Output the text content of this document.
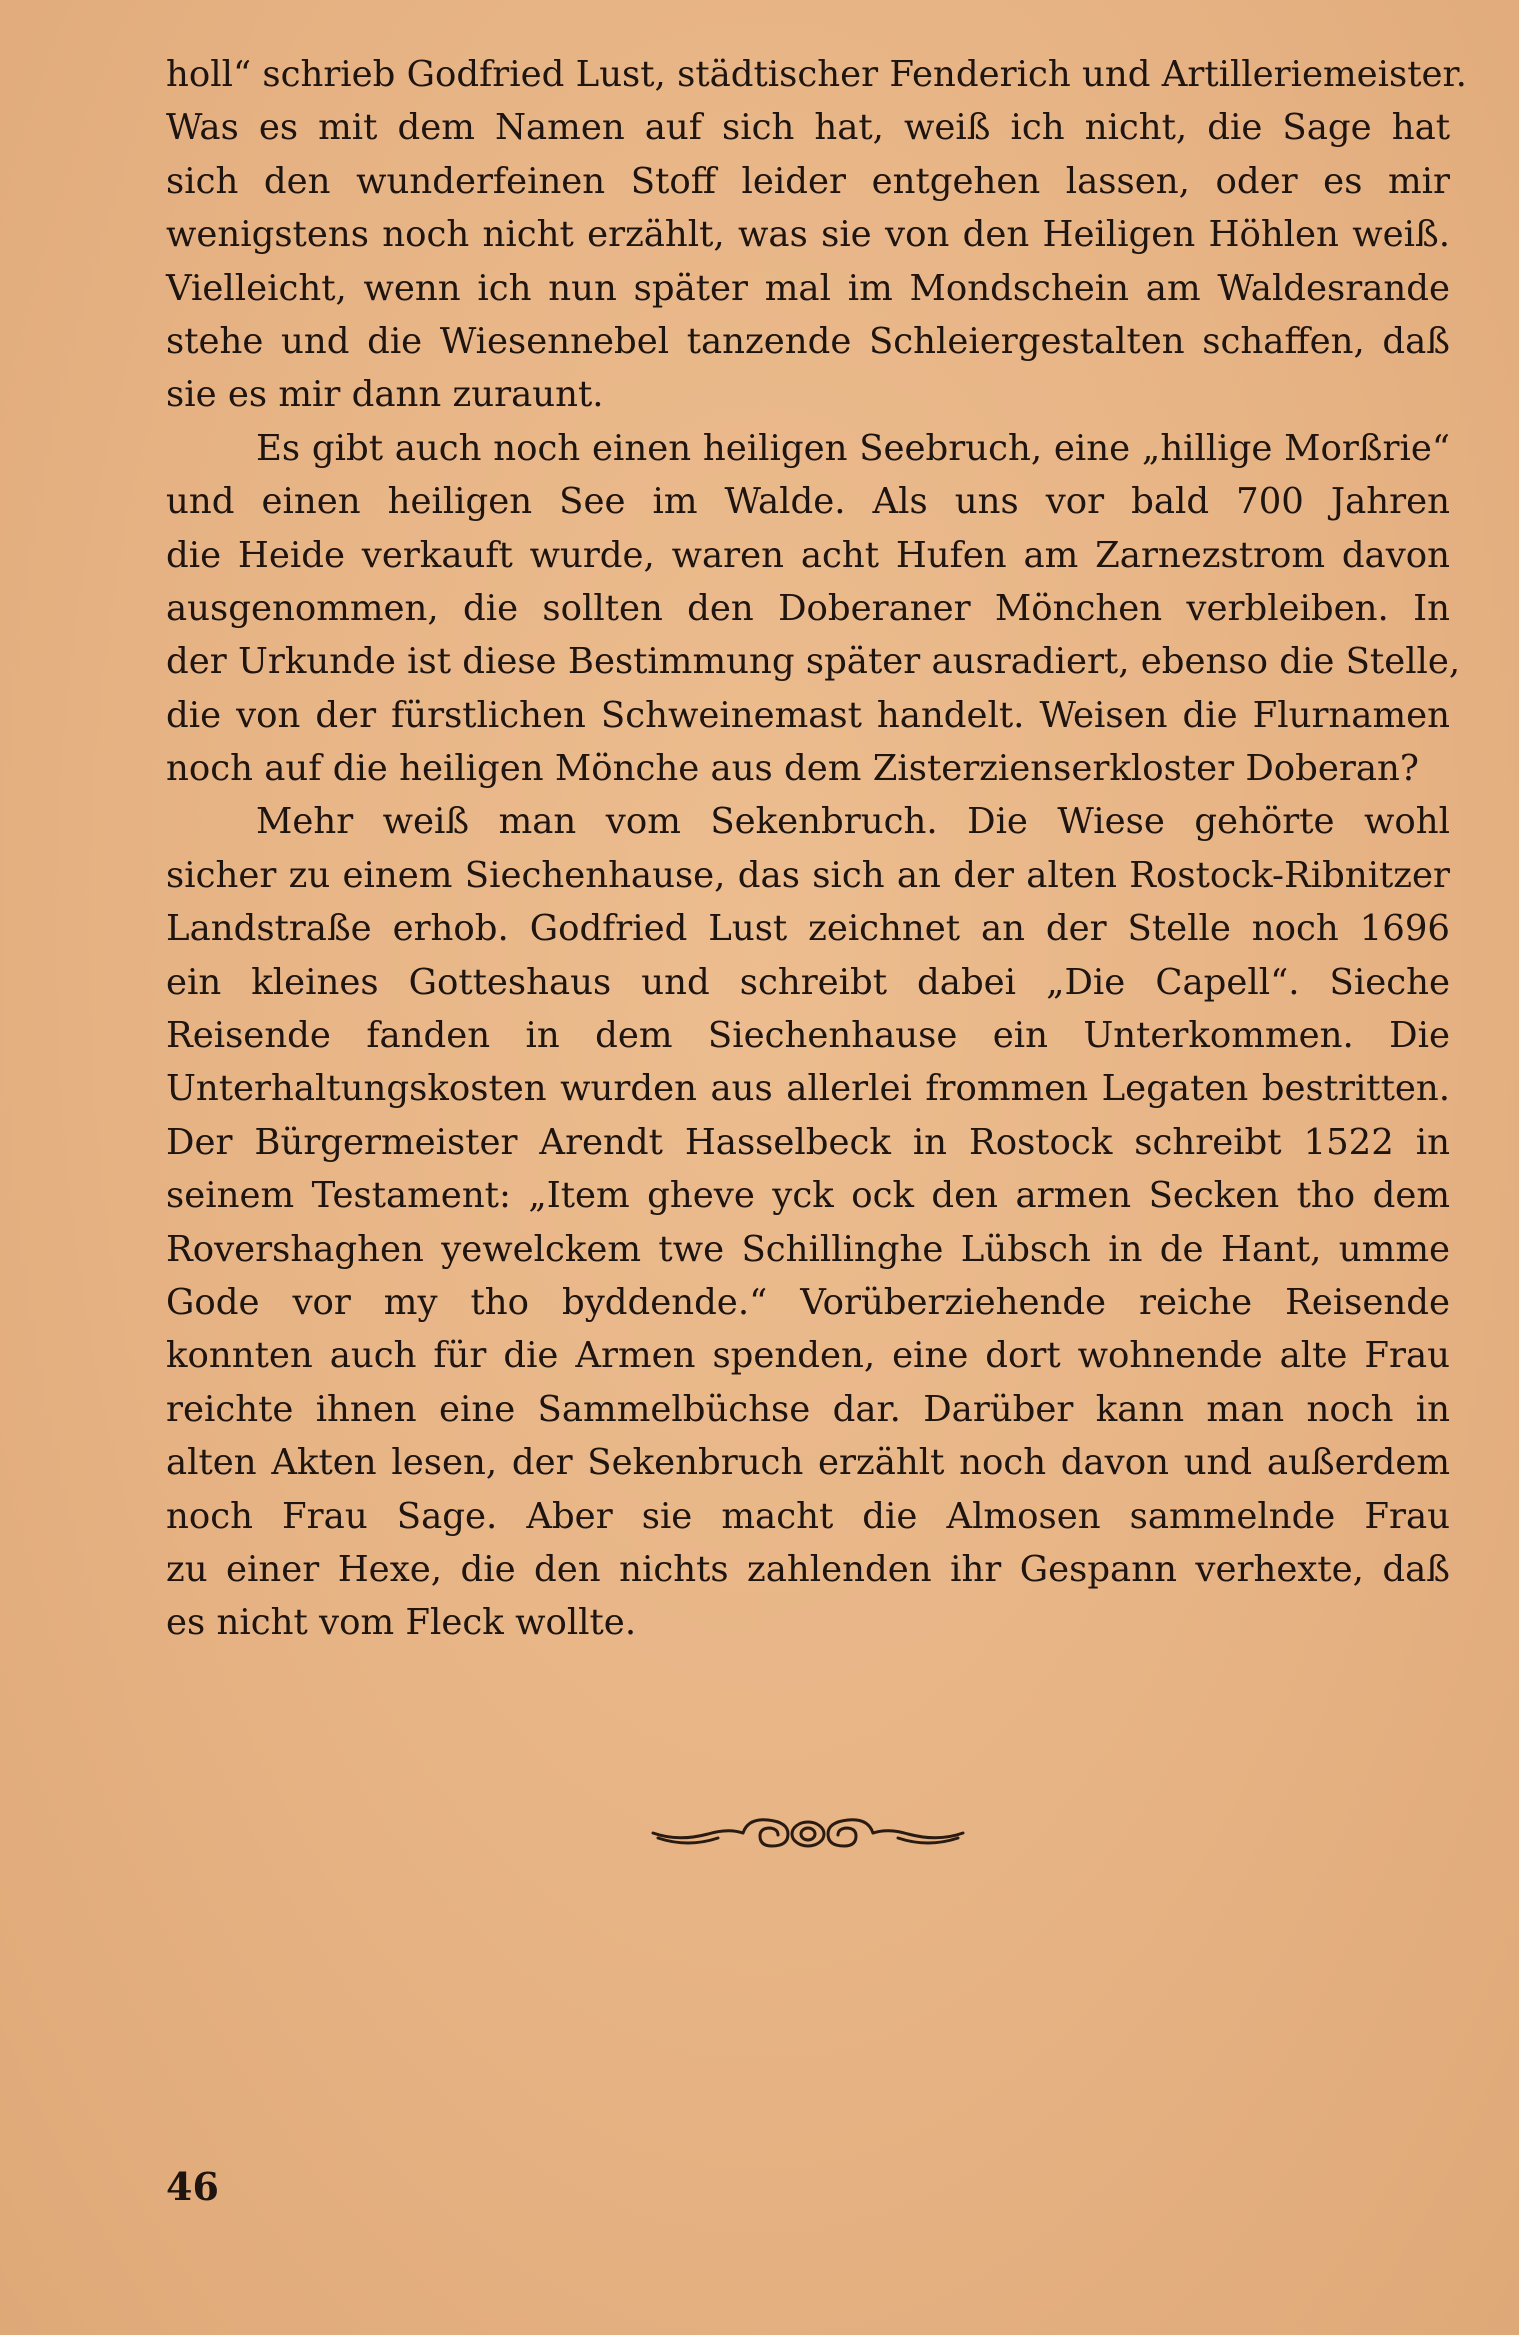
holl“ schrieb Godfried Lust, städtischer Fenderich und Artilleriemeister.
Was es mit dem Namen auf sich hat, weiß ich nicht, die Sage hat
sich den wunderfeinen Stoff leider entgehen lassen, oder es mir
wenigstens noch nicht erzählt, was sie von den Heiligen Höhlen weiß.
Vielleicht, wenn ich nun später mal im Mondschein am Waldesrande
stehe und die Wiesennebel tanzende Schleiergestalten schaffen, daß
sie es mir dann zuraunt.
Es gibt auch noch einen heiligen Seebruch, eine „hillige Morßrie“
und einen heiligen See im Walde. Als uns vor bald 700 Jahren
die Heide verkauft wurde, waren acht Hufen am Zarnezstrom davon
ausgenommen, die sollten den Doberaner Mönchen verbleiben. In
der Urkunde ist diese Bestimmung später ausradiert, ebenso die Stelle,
die von der fürstlichen Schweinemast handelt. Weisen die Flurnamen
noch auf die heiligen Mönche aus dem Zisterzienserkloster Doberan?
Mehr weiß man vom Sekenbruch. Die Wiese gehörte wohl
sicher zu einem Siechenhause, das sich an der alten Rostock-Ribnitzer
Landstraße erhob. Godfried Lust zeichnet an der Stelle noch 1696
ein kleines Gotteshaus und schreibt dabei „Die Capell“. Sieche
Reisende fanden in dem Siechenhause ein Unterkommen. Die
Unterhaltungskosten wurden aus allerlei frommen Legaten bestritten.
Der Bürgermeister Arendt Hasselbeck in Rostock schreibt 1522 in
seinem Testament: „Item gheve yck ock den armen Secken tho dem
Rovershaghen yewelckem twe Schillinghe Lübsch in de Hant, umme
Gode vor my tho byddende.“ Vorüberziehende reiche Reisende
konnten auch für die Armen spenden, eine dort wohnende alte Frau
reichte ihnen eine Sammelbüchse dar. Darüber kann man noch in
alten Akten lesen, der Sekenbruch erzählt noch davon und außerdem
noch Frau Sage. Aber sie macht die Almosen sammelnde Frau
zu einer Hexe, die den nichts zahlenden ihr Gespann verhexte, daß
es nicht vom Fleck wollte.
46
